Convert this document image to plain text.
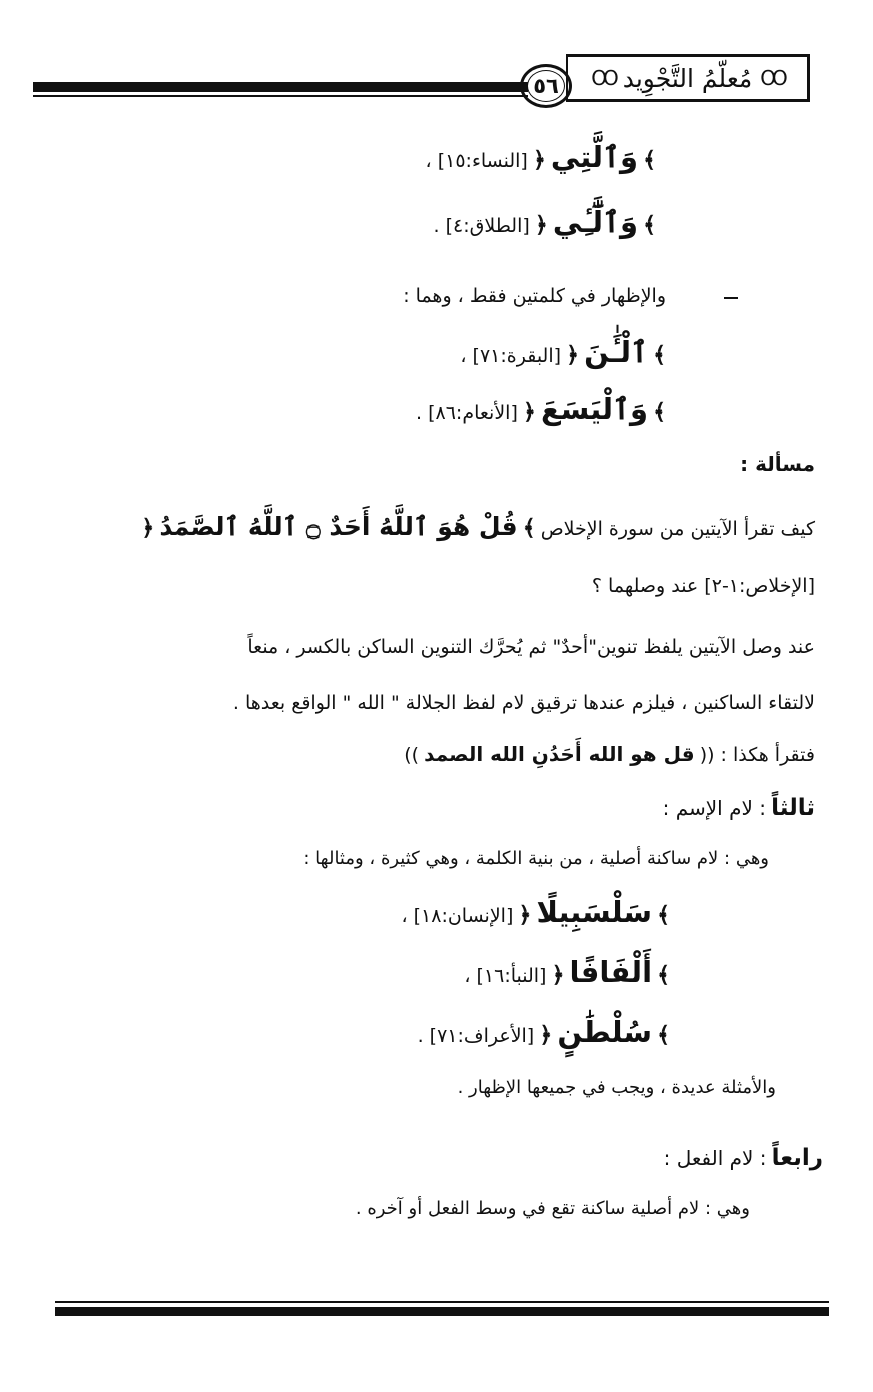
٥٦	OO مُعلّمُ التَّجْوِيد OO
﴾ وَٱلَّتِي ﴿ [النساء:١٥] ،
﴾ وَٱلَّٰٓـِٔي ﴿ [الطلاق:٤] .
والإظهار في كلمتين فقط ، وهما :
﴾ ٱلْـَٰٔنَ ﴿ [البقرة:٧١] ،
﴾ وَٱلْيَسَعَ ﴿ [الأنعام:٨٦] .
مسألة :
كيف تقرأ الآيتين من سورة الإخلاص ﴾ قُلْ هُوَ ٱللَّهُ أَحَدٌ ۝ ٱللَّهُ ٱلصَّمَدُ ﴿
[الإخلاص:١-٢] عند وصلهما ؟
عند وصل الآيتين يلفظ تنوين"أحدٌ" ثم يُحرَّك التنوين الساكن بالكسر ، منعاً
لالتقاء الساكنين ، فيلزم عندها ترقيق لام لفظ الجلالة " الله " الواقع بعدها .
فتقرأ هكذا : (( قل هو الله أَحَدُنِ الله الصمد ))
ثالثاً : لام الإسم :
وهي : لام ساكنة أصلية ، من بنية الكلمة ، وهي كثيرة ، ومثالها :
﴾ سَلْسَبِيلًا ﴿ [الإنسان:١٨] ،
﴾ أَلْفَافًا ﴿ [النبأ:١٦] ،
﴾ سُلْطَٰنٍ ﴿ [الأعراف:٧١] .
والأمثلة عديدة ، ويجب في جميعها الإظهار .
رابعاً : لام الفعل :
وهي : لام أصلية ساكنة تقع في وسط الفعل أو آخره .
